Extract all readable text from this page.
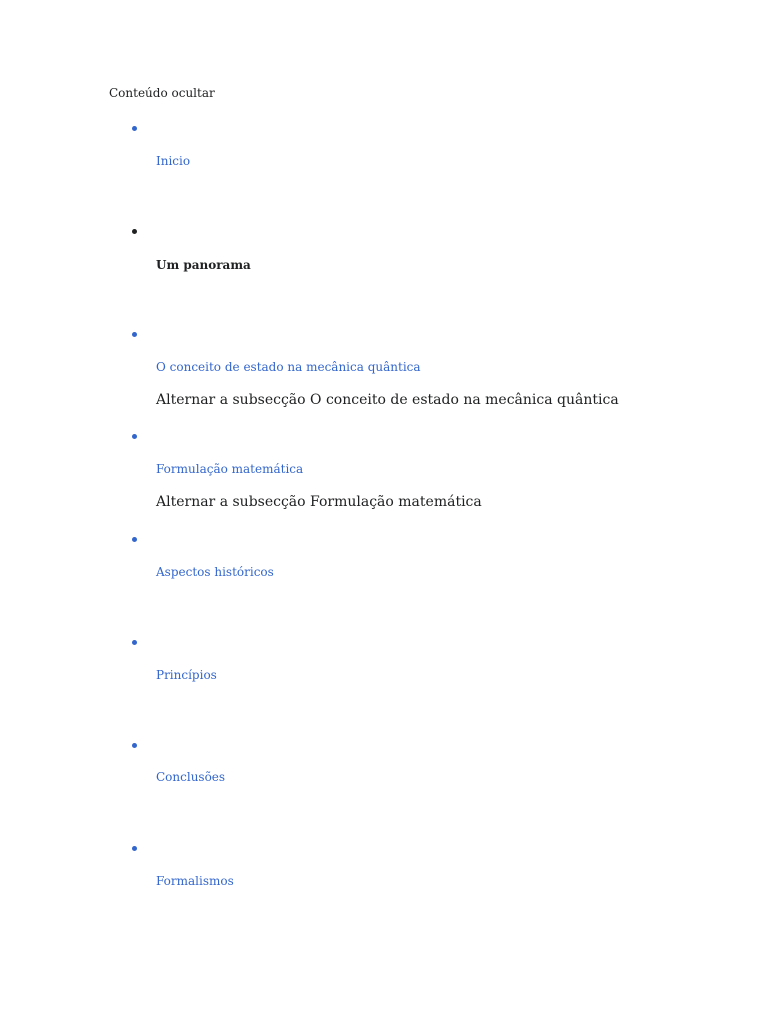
Conteúdo ocultar
Inicio
Um panorama
O conceito de estado na mecânica quântica
Alternar a subsecção O conceito de estado na mecânica quântica
Formulação matemática
Alternar a subsecção Formulação matemática
Aspectos históricos
Princípios
Conclusões
Formalismos
